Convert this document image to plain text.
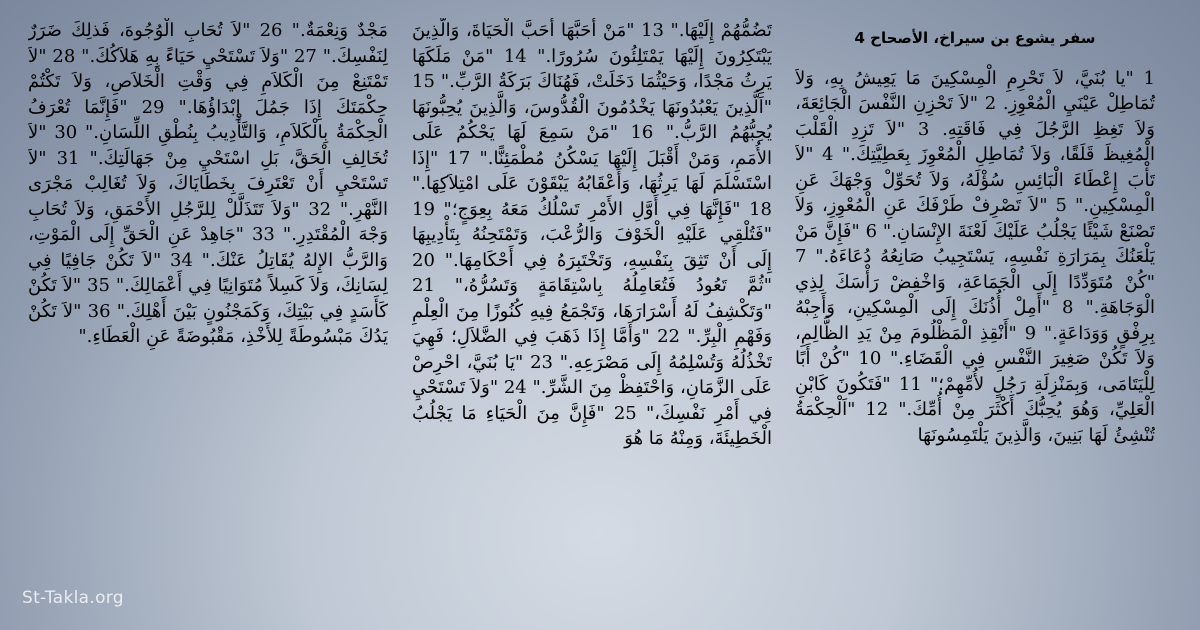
سفر يشوع بن سيراخ، الأصحاح 4
1 "يا بُنَيَّ، لاَ تَحْرِمِ الْمِسْكِينَ مَا يَعِيشُ بِهِ، وَلاَ تُمَاطِلْ عَيْنَيِ الْمُعْوِزِ. 2 "لاَ تَحْزِنِ النَّفْسَ الْجَائِعَةَ، وَلاَ تَغِظِ الرَّجُلَ فِي فَاقَتِهِ. 3 "لاَ تَزِدِ الْقَلْبَ الْمُغِيظَ قَلَقًا، وَلاَ تُمَاطِلِ الْمُعْوِزَ بِعَطِيَّتِكَ." 4 "لاَ تَأْبَ إِعْطَاءَ الْبَائِسِ سُؤْلَهُ، وَلاَ تُحَوِّلْ وَجْهَكَ عَنِ الْمِسْكِينِ." 5 "لاَ تَصْرِفْ طَرْفَكَ عَنِ الْمُعْوِزِ، وَلاَ تَصْنَعْ شَيْئًا يَجْلُبُ عَلَيْكَ لَعْنَةَ الإِنْسَانِ." 6 "فَإِنَّ مَنْ يَلْعَنُكَ بِمَرَارَةِ نَفْسِهِ، يَسْتَجِيبُ صَانِعُهُ دُعَاءَهُ." 7 "كُنْ مُتَوَدِّدًا إِلَى الْجَمَاعَةِ، وَاخْفِضْ رَأْسَكَ لِذِي الْوَجَاهَةِ." 8 "أَمِلْ أُذُنَكَ إِلَى الْمِسْكِينِ، وَأَجِبْهُ بِرِفْقٍ وَوَدَاعَةٍ." 9 "أَنْقِذِ الْمَظْلُومَ مِنْ يَدِ الظَّالِمِ، وَلاَ تَكُنْ صَغِيرَ النَّفْسِ فِي الْقَضَاءِ." 10 "كُنْ أَبًا لِلْيَتَامَى، وَبِمَنْزِلَةِ رَجُلٍ لأُمِّهِمْ؛" 11 "فَتَكُونَ كَابْنِ الْعَلِيِّ، وَهُوَ يُحِبُّكَ أَكْثَرَ مِنْ أُمِّكَ." 12 "اَلْحِكْمَةُ تُنْشِئُ لَهَا بَنِينَ، وَالَّذِينَ يَلْتَمِسُونَهَا
تَضُمُّهُمْ إِلَيْهَا." 13 "مَنْ أَحَبَّهَا أَحَبَّ الْحَيَاةَ، وَالَّذِينَ يَبْتَكِرُونَ إِلَيْهَا يَمْتَلِئُونَ سُرُورًا." 14 "مَنْ مَلَكَهَا يَرِثُ مَجْدًا، وَحَيْثُمَا دَخَلَتْ، فَهُنَاكَ بَرَكَةُ الرَّبِّ." 15 "اَلَّذِينَ يَعْبُدُونَهَا يَخْدُمُونَ الْقُدُّوسَ، وَالَّذِينَ يُحِبُّونَهَا يُحِبُّهُمُ الرَّبُّ." 16 "مَنْ سَمِعَ لَهَا يَحْكُمُ عَلَى الأُمَمِ، وَمَنْ أَقْبَلَ إِلَيْهَا يَسْكُنُ مُطْمَئِنًّا." 17 "إِذَا اسْتَسْلَمَ لَهَا يَرِثُهَا، وَأَعْقَابُهُ يَبْقَوْنَ عَلَى امْتِلاَكِهَا." 18 "فَإِنَّهَا فِي أَوَّلِ الأَمْرِ تَسْلُكُ مَعَهُ بِعِوَجٍ؛" 19 "فَتُلْقِي عَلَيْهِ الْخَوْفَ وَالرُّعْبَ، وَتَمْتَحِنُهُ بِتَأْدِيبِهَا إِلَى أَنْ تَثِقَ بِنَفْسِهِ، وَتَخْتَبِرَهُ فِي أَحْكَامِهَا." 20 "ثُمَّ تَعُودُ فَتُعَامِلُهُ بِاسْتِقَامَةٍ وَتَسُرُّهُ،" 21 "وَتَكْشِفُ لَهُ أَسْرَارَهَا، وَتَجْمَعُ فِيهِ كُنُوزًا مِنَ الْعِلْمِ وَفَهْمِ الْبِرِّ." 22 "وَأَمَّا إِذَا ذَهَبَ فِي الضَّلاَلِ؛ فَهِيَ تَخْذُلُهُ وَتُسْلِمُهُ إِلَى مَصْرَعِهِ." 23 "يَا بُنَيَّ، احْرِصْ عَلَى الزَّمَانِ، وَاحْتَفِظْ مِنَ الشَّرِّ." 24 "وَلاَ تَسْتَحْيِ فِي أَمْرِ نَفْسِكَ،" 25 "فَإِنَّ مِنَ الْحَيَاءِ مَا يَجْلُبُ الْخَطِيئَةَ، وَمِنْهُ مَا هُوَ
مَجْدٌ وَنِعْمَةٌ." 26 "لاَ تُحَابِ الْوُجُوهَ، فَذلِكَ ضَرَرٌ لِنَفْسِكَ." 27 "وَلاَ تَسْتَحْيِ حَيَاءً بِهِ هَلاَكُكَ." 28 "لاَ تَمْتَنِعْ مِنَ الْكَلاَمِ فِي وَقْتِ الْخَلاَصِ، وَلاَ تَكْتُمْ حِكْمَتَكَ إِذَا جَمُلَ إِبْدَاؤُهَا." 29 "فَإِنَّمَا تُعْرَفُ الْحِكْمَةُ بِالْكَلاَمِ، وَالتَّأْدِيبُ بِنُطْقِ اللِّسَانِ." 30 "لاَ تُخَالِفِ الْحَقَّ، بَلِ اسْتَحْيِ مِنْ جَهَالَتِكَ." 31 "لاَ تَسْتَحْيِ أَنْ تَعْتَرِفَ بِخَطَايَاكَ، وَلاَ تُغَالِبْ مَجْرَى النَّهْرِ." 32 "وَلاَ تَتَذَلَّلْ لِلرَّجُلِ الأَحْمَقِ، وَلاَ تُحَابِ وَجْهَ الْمُقْتَدِرِ." 33 "جَاهِدْ عَنِ الْحَقِّ إِلَى الْمَوْتِ، وَالرَّبُّ الإِلهُ يُقَاتِلُ عَنْكَ." 34 "لاَ تَكُنْ جَافِيًا فِي لِسَانِكَ، وَلاَ كَسِلاً مُتَوَانِيًا فِي أَعْمَالِكَ." 35 "لاَ تَكُنْ كَأَسَدٍ فِي بَيْتِكَ، وَكَمَجْنُونٍ بَيْنَ أَهْلِكَ." 36 "لاَ تَكُنْ يَدُكَ مَبْسُوطَةً لِلأَخْذِ، مَقْبُوضَةً عَنِ الْعَطَاءِ."
St-Takla.org
